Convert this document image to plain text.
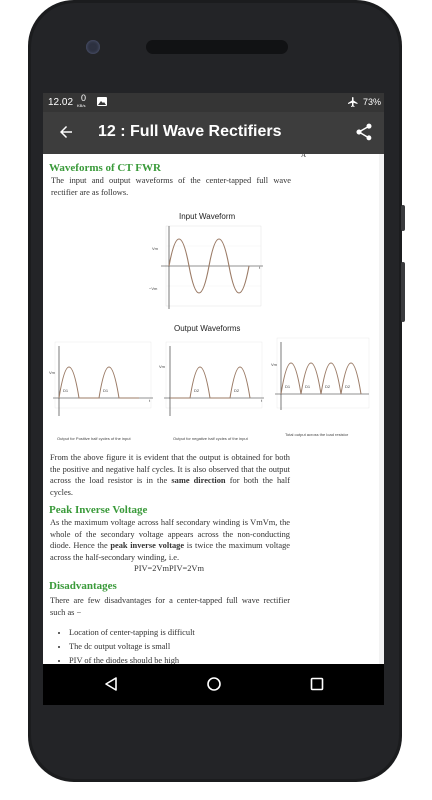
12.02 0
KB/s	73%
12 : Full Wave Rectifiers
A
Waveforms of CT FWR

The input and output waveforms of the center-tapped full wave rectifier are as follows.

Input Waveform
Vm
−Vm
t
Output Waveforms
D1	D1
t
Vm
Output for Positive half cycles of the input
D2	D2
Vm
t
Output for negative half cycles of the input
D1	D1	D2	D2
Vm
Total output across the load resistor

From the above figure it is evident that the output is obtained for both the positive and negative half cycles. It is also observed that the output across the load resistor is in the same direction for both the half cycles.

Peak Inverse Voltage

As the maximum voltage across half secondary winding is VmVm, the whole of the secondary voltage appears across the non-conducting diode. Hence the peak inverse voltage is twice the maximum voltage across the half-secondary winding, i.e.

PIV=2VmPIV=2Vm

Disadvantages

There are few disadvantages for a center-tapped full wave rectifier such as −

• Location of center-tapping is difficult
• The dc output voltage is small
• PIV of the diodes should be high
